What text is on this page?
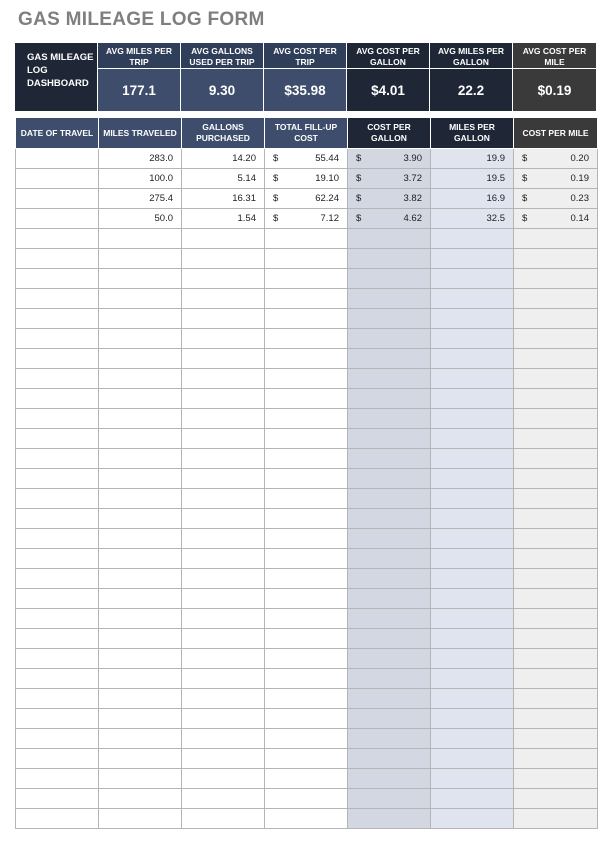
GAS MILEAGE LOG FORM
GAS MILEAGE LOG DASHBOARD
AVG MILES PER TRIP
177.1
AVG GALLONS USED PER TRIP
9.30
AVG COST PER TRIP
$35.98
AVG COST PER GALLON
$4.01
AVG MILES PER GALLON
22.2
AVG COST PER MILE
$0.19
DATE OF TRAVEL	MILES TRAVELED	GALLONS PURCHASED	TOTAL FILL-UP COST	COST PER GALLON	MILES PER GALLON	COST PER MILE
	283.0	14.20	$ 55.44	$ 3.90	19.9	$ 0.20

	100.0	5.14	$ 19.10	$ 3.72	19.5	$ 0.19

	275.4	16.31	$ 62.24	$ 3.82	16.9	$ 0.23

	50.0	1.54	$ 7.12	$ 4.62	32.5	$ 0.14
